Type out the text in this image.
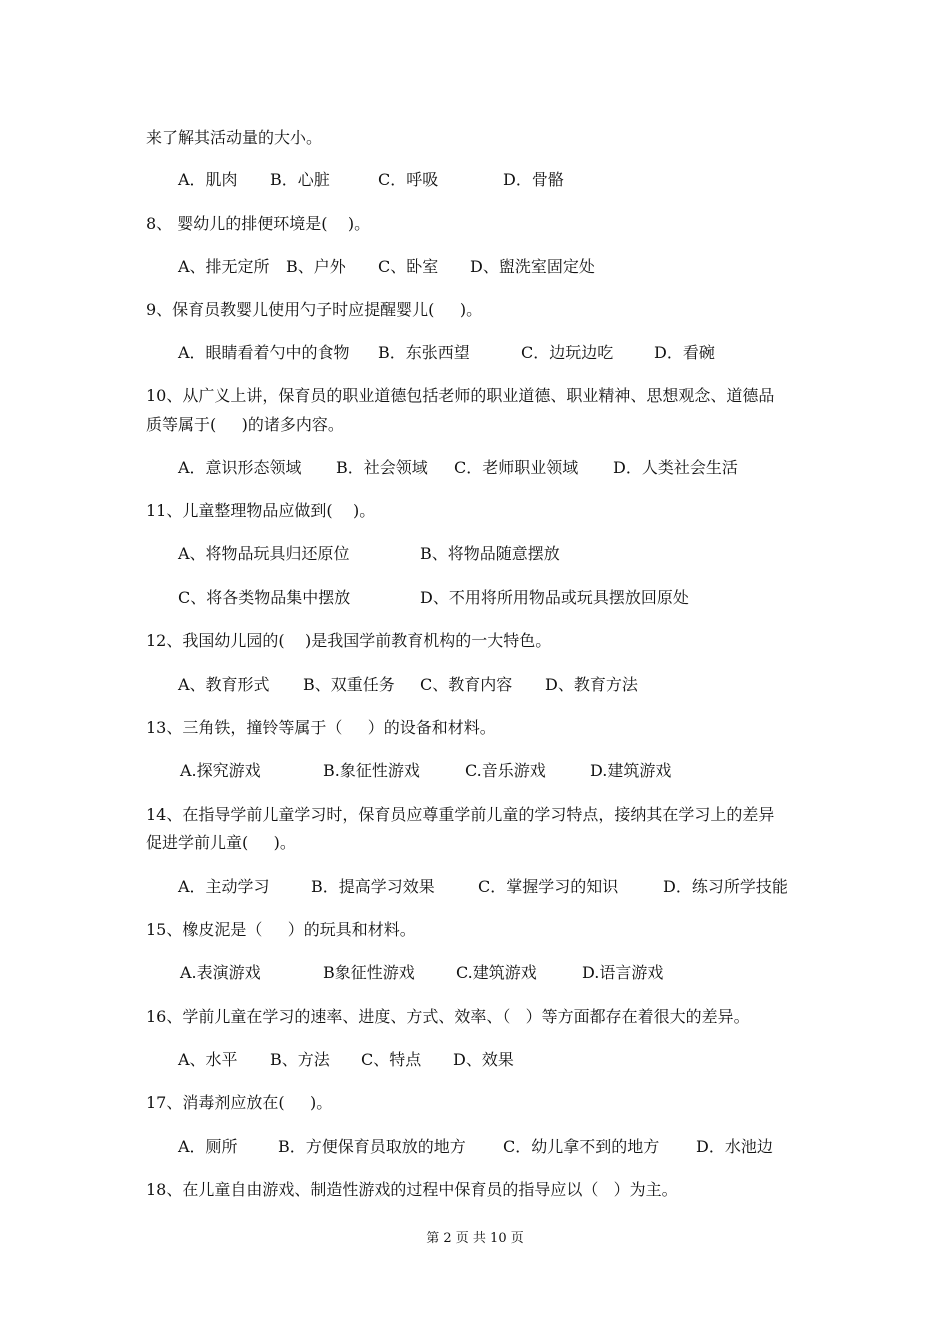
来了解其活动量的大小。

A．肌肉

B．心脏

	C．呼吸

	D．骨骼

8、 婴幼儿的排便环境是(    )。

A、排无定所

B、户外

C、卧室

D、盥洗室固定处

9、保育员教婴儿使用勺子时应提醒婴儿(     )。

A．眼睛看着勺中的食物

B．东张西望

	C．边玩边吃

	D．看碗

10、从广义上讲，保育员的职业道德包括老师的职业道德、职业精神、思想观念、道德品
质等属于(     )的诸多内容。

A．意识形态领域

B．社会领域

C．老师职业领域

D．人类社会生活

11、儿童整理物品应做到(    )。

A、将物品玩具归还原位

	B、将物品随意摆放

C、将各类物品集中摆放

	D、不用将所用物品或玩具摆放回原处

12、我国幼儿园的(    )是我国学前教育机构的一大特色。

A、教育形式

B、双重任务

C、教育内容

D、教育方法

13、三角铁，撞铃等属于（     ）的设备和材料。

A.探究游戏

	B.象征性游戏

	C.音乐游戏

	D.建筑游戏

14、在指导学前儿童学习时，保育员应尊重学前儿童的学习特点，接纳其在学习上的差异
促进学前儿童(     )。

A．主动学习

	B．提高学习效果

	C．掌握学习的知识

	D．练习所学技能

15、橡皮泥是（     ）的玩具和材料。

A.表演游戏

	B象征性游戏

	C.建筑游戏

	D.语言游戏

16、学前儿童在学习的速率、进度、方式、效率、（   ）等方面都存在着很大的差异。

A、水平

B、方法

C、特点

D、效果

17、消毒剂应放在(     )。

A．厕所

	B．方便保育员取放的地方

C．幼儿拿不到的地方

D．水池边

18、在儿童自由游戏、制造性游戏的过程中保育员的指导应以（   ）为主。
第 2 页 共 10 页
